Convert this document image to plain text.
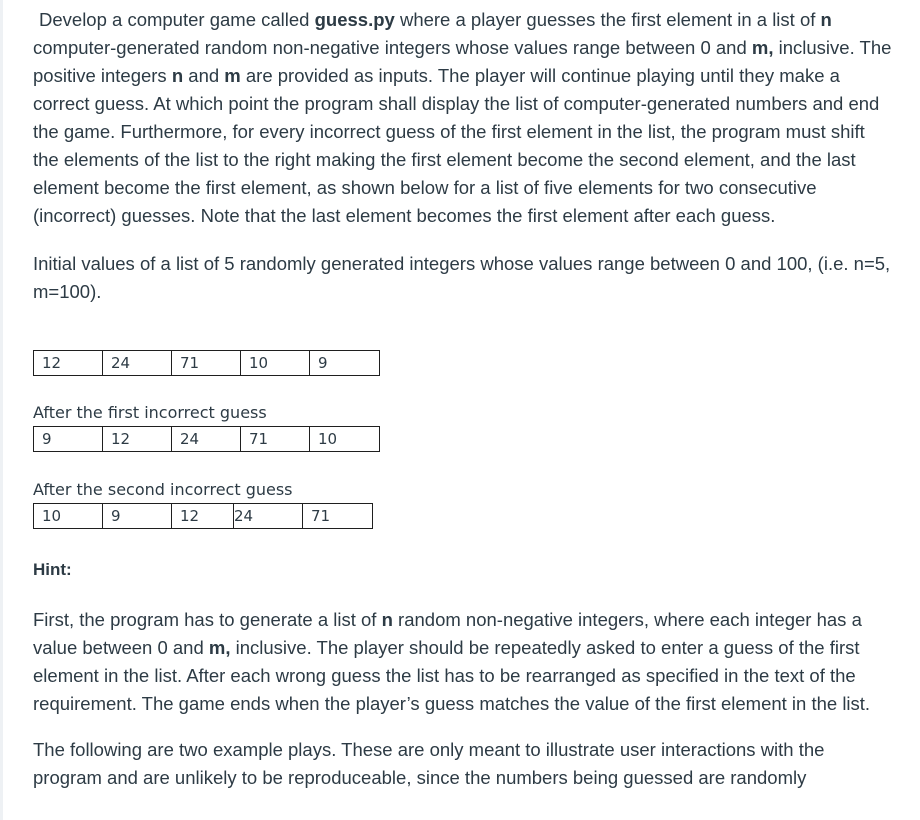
Develop a computer game called guess.py where a player guesses the first element in a list of n computer-generated random non-negative integers whose values range between 0 and m, inclusive. The positive integers n and m are provided as inputs. The player will continue playing until they make a correct guess. At which point the program shall display the list of computer-generated numbers and end the game. Furthermore, for every incorrect guess of the first element in the list, the program must shift the elements of the list to the right making the first element become the second element, and the last element become the first element, as shown below for a list of five elements for two consecutive (incorrect) guesses. Note that the last element becomes the first element after each guess.

Initial values of a list of 5 randomly generated integers whose values range between 0 and 100, (i.e. n=5, m=100).

12	24	71	10	9
After the first incorrect guess
9	12	24	71	10
After the second incorrect guess
10	9	12	24	71
Hint:

First, the program has to generate a list of n random non-negative integers, where each integer has a value between 0 and m, inclusive. The player should be repeatedly asked to enter a guess of the first element in the list. After each wrong guess the list has to be rearranged as specified in the text of the requirement. The game ends when the player’s guess matches the value of the first element in the list.

The following are two example plays. These are only meant to illustrate user interactions with the program and are unlikely to be reproduceable, since the numbers being guessed are randomly
